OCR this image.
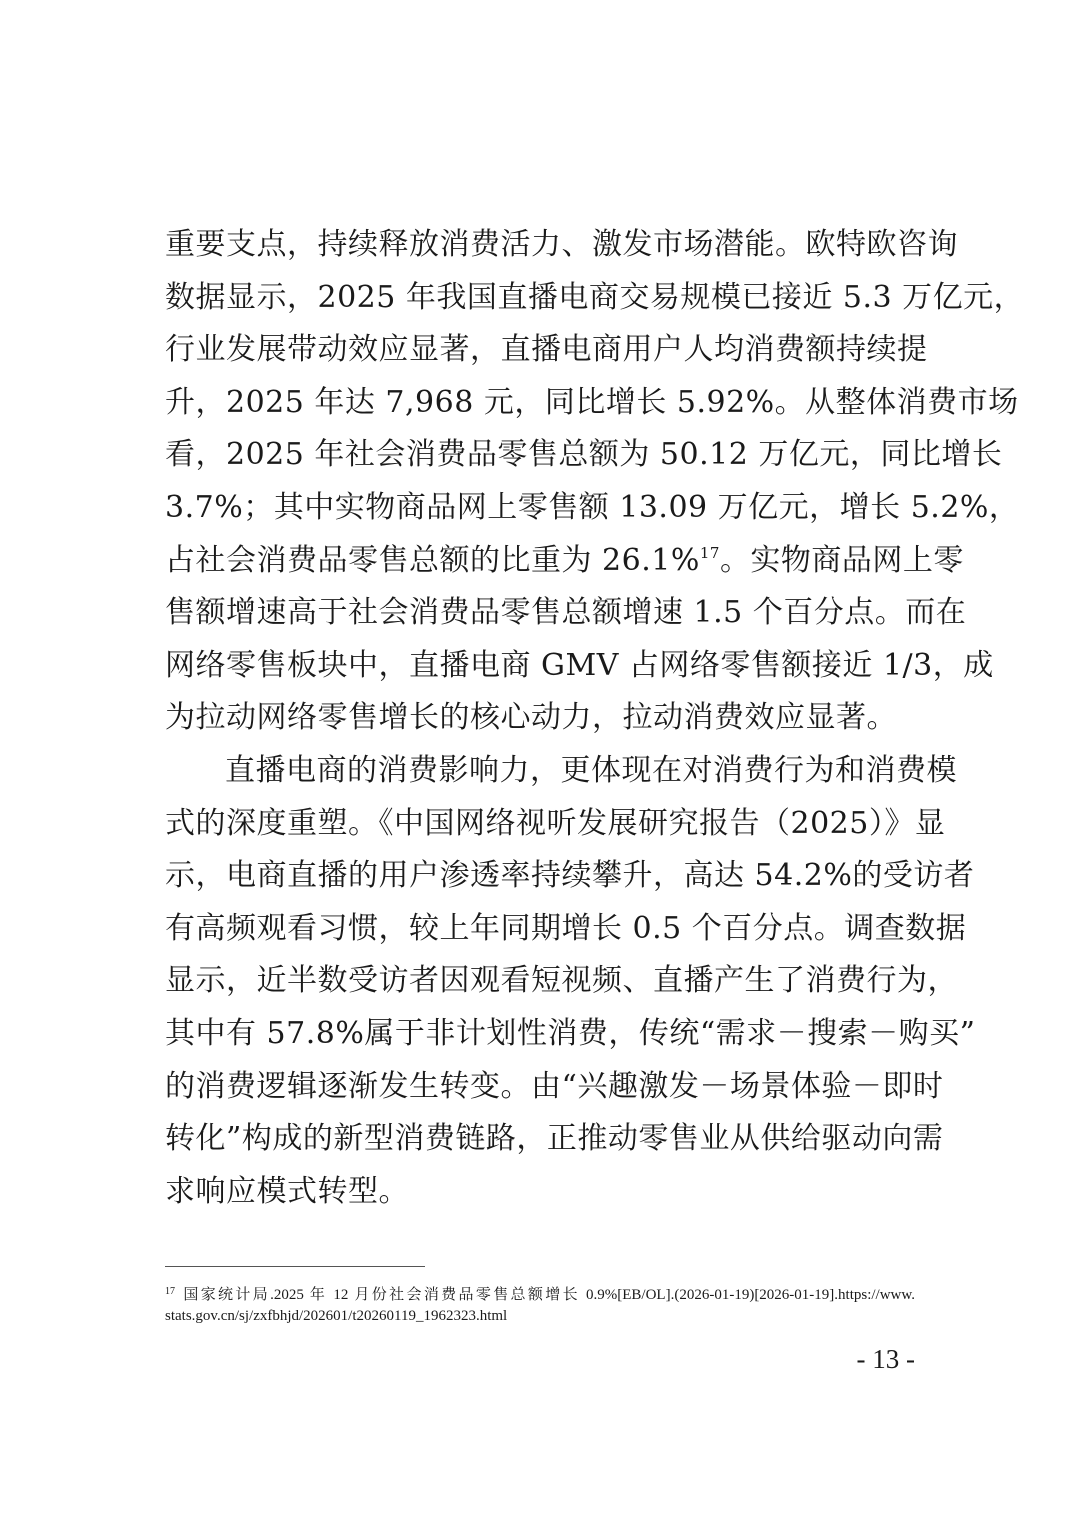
重要支点，持续释放消费活力、激发市场潜能。欧特欧咨询
数据显示，2025 年我国直播电商交易规模已接近 5.3 万亿元，
行业发展带动效应显著，直播电商用户人均消费额持续提
升，2025 年达 7,968 元，同比增长 5.92%。从整体消费市场
看，2025 年社会消费品零售总额为 50.12 万亿元，同比增长
3.7%；其中实物商品网上零售额 13.09 万亿元，增长 5.2%，
占社会消费品零售总额的比重为 26.1%$^{17}$。实物商品网上零
售额增速高于社会消费品零售总额增速 1.5 个百分点。而在
网络零售板块中，直播电商 GMV 占网络零售额接近 1/3，成
为拉动网络零售增长的核心动力，拉动消费效应显著。
直播电商的消费影响力，更体现在对消费行为和消费模
式的深度重塑。《中国网络视听发展研究报告（2025）》显
示，电商直播的用户渗透率持续攀升，高达 54.2%的受访者
有高频观看习惯，较上年同期增长 0.5 个百分点。调查数据
显示，近半数受访者因观看短视频、直播产生了消费行为，
其中有 57.8%属于非计划性消费，传统“需求－搜索－购买”
的消费逻辑逐渐发生转变。由“兴趣激发－场景体验－即时
转化”构成的新型消费链路，正推动零售业从供给驱动向需
求响应模式转型。
$^{17}$ 国家统计局.2025 年 12 月份社会消费品零售总额增长 0.9%[EB/OL].(2026-01-19)[2026-01-19].https://www.
stats.gov.cn/sj/zxfbhjd/202601/t20260119_1962323.html
- 13 -
